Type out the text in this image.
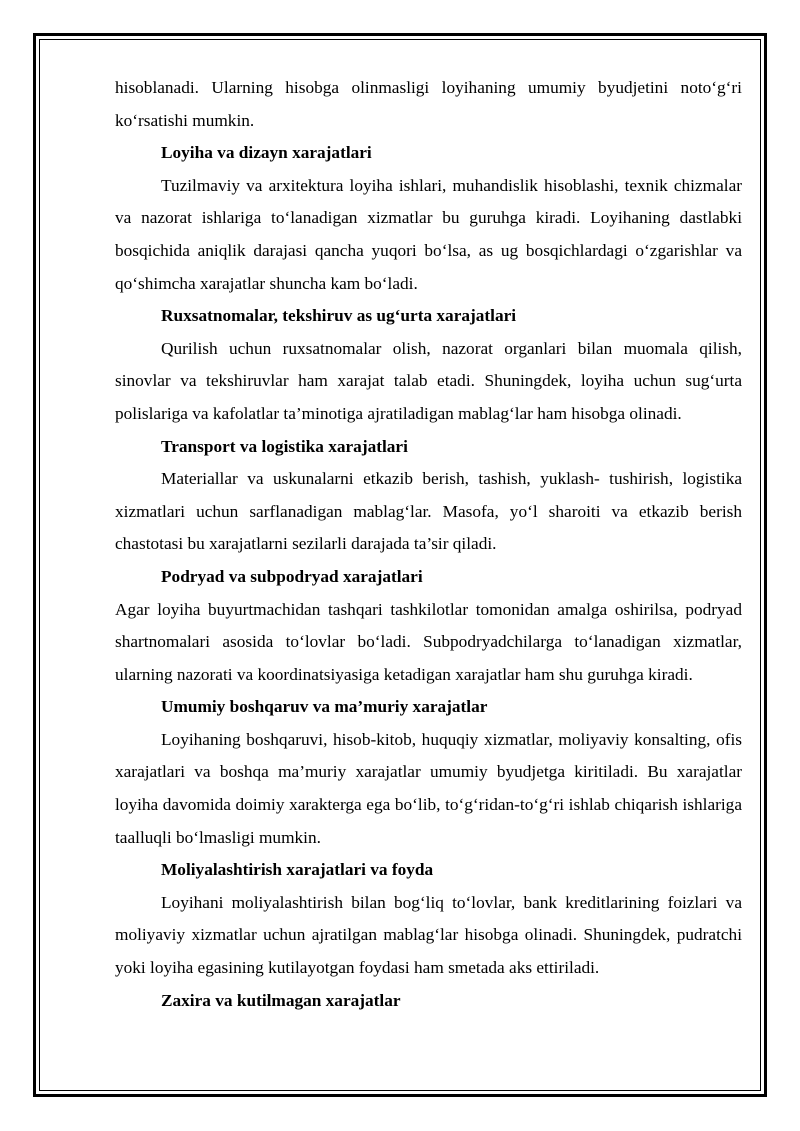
hisoblanadi. Ularning hisobga olinmasligi loyihaning umumiy byudjetini noto‘g‘ri ko‘rsatishi mumkin.

Loyiha va dizayn xarajatlari

Tuzilmaviy va arxitektura loyiha ishlari, muhandislik hisoblashi, texnik chizmalar va nazorat ishlariga to‘lanadigan xizmatlar bu guruhga kiradi. Loyihaning dastlabki bosqichida aniqlik darajasi qancha yuqori bo‘lsa, as ug bosqichlardagi o‘zgarishlar va qo‘shimcha xarajatlar shuncha kam bo‘ladi.

Ruxsatnomalar, tekshiruv as ug‘urta xarajatlari

Qurilish uchun ruxsatnomalar olish, nazorat organlari bilan muomala qilish, sinovlar va tekshiruvlar ham xarajat talab etadi. Shuningdek, loyiha uchun sug‘urta polislariga va kafolatlar ta’minotiga ajratiladigan mablag‘lar ham hisobga olinadi.

Transport va logistika xarajatlari

Materiallar va uskunalarni etkazib berish, tashish, yuklash- tushirish, logistika xizmatlari uchun sarflanadigan mablag‘lar. Masofa, yo‘l sharoiti va etkazib berish chastotasi bu xarajatlarni sezilarli darajada ta’sir qiladi.

Podryad va subpodryad xarajatlari

Agar loyiha buyurtmachidan tashqari tashkilotlar tomonidan amalga oshirilsa, podryad shartnomalari asosida to‘lovlar bo‘ladi. Subpodryadchilarga to‘lanadigan xizmatlar, ularning nazorati va koordinatsiyasiga ketadigan xarajatlar ham shu guruhga kiradi.

Umumiy boshqaruv va ma’muriy xarajatlar

Loyihaning boshqaruvi, hisob-kitob, huquqiy xizmatlar, moliyaviy konsalting, ofis xarajatlari va boshqa ma’muriy xarajatlar umumiy byudjetga kiritiladi. Bu xarajatlar loyiha davomida doimiy xarakterga ega bo‘lib, to‘g‘ridan-to‘g‘ri ishlab chiqarish ishlariga taalluqli bo‘lmasligi mumkin.

Moliyalashtirish xarajatlari va foyda

Loyihani moliyalashtirish bilan bog‘liq to‘lovlar, bank kreditlarining foizlari va moliyaviy xizmatlar uchun ajratilgan mablag‘lar hisobga olinadi. Shuningdek, pudratchi yoki loyiha egasining kutilayotgan foydasi ham smetada aks ettiriladi.

Zaxira va kutilmagan xarajatlar
